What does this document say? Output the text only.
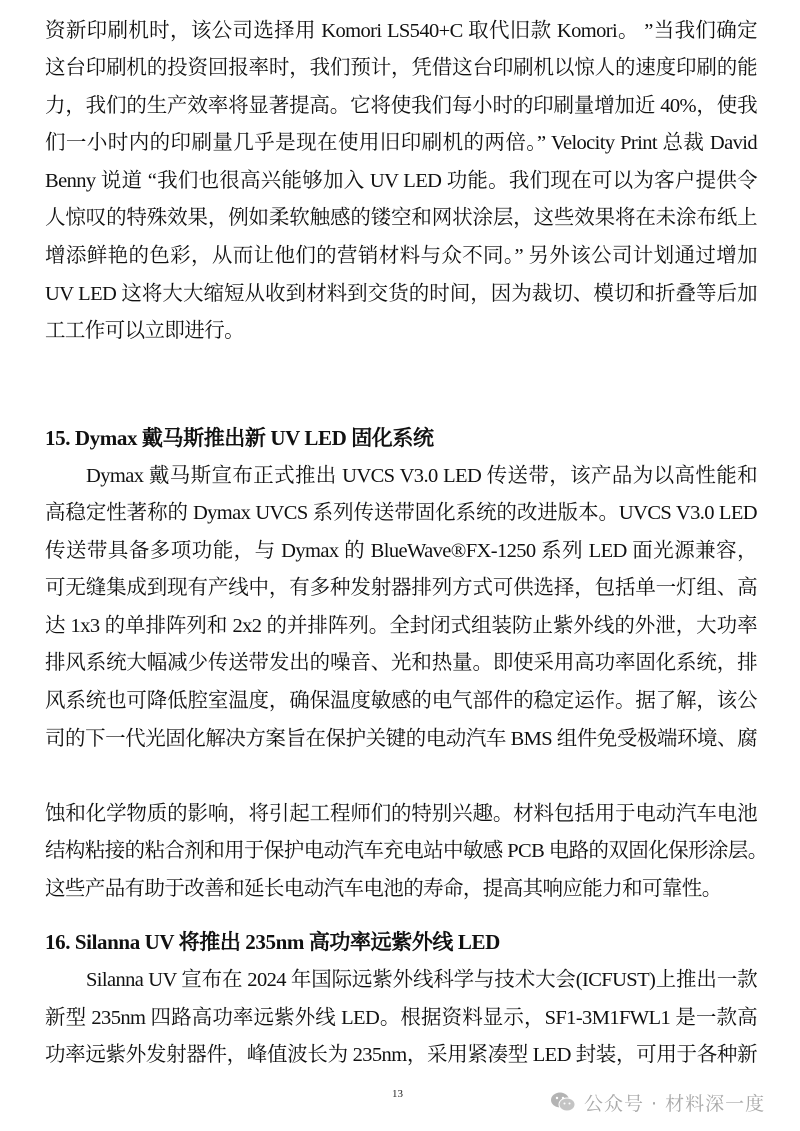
资新印刷机时，该公司选择用 Komori LS540+C 取代旧款 Komori。 ”当我们确定
这台印刷机的投资回报率时，我们预计，凭借这台印刷机以惊人的速度印刷的能
力，我们的生产效率将显著提高。它将使我们每小时的印刷量增加近 40%，使我
们一小时内的印刷量几乎是现在使用旧印刷机的两倍。” Velocity Print 总裁 David
Benny 说道 “我们也很高兴能够加入 UV LED 功能。我们现在可以为客户提供令
人惊叹的特殊效果，例如柔软触感的镂空和网状涂层，这些效果将在未涂布纸上
增添鲜艳的色彩，从而让他们的营销材料与众不同。” 另外该公司计划通过增加
UV LED 这将大大缩短从收到材料到交货的时间，因为裁切、模切和折叠等后加
工工作可以立即进行。
15. Dymax 戴马斯推出新 UV LED 固化系统
Dymax 戴马斯宣布正式推出 UVCS V3.0 LED 传送带，该产品为以高性能和
高稳定性著称的 Dymax UVCS 系列传送带固化系统的改进版本。UVCS V3.0 LED
传送带具备多项功能，与 Dymax 的 BlueWave®FX-1250 系列 LED 面光源兼容，
可无缝集成到现有产线中，有多种发射器排列方式可供选择，包括单一灯组、高
达 1x3 的单排阵列和 2x2 的并排阵列。全封闭式组装防止紫外线的外泄，大功率
排风系统大幅减少传送带发出的噪音、光和热量。即使采用高功率固化系统，排
风系统也可降低腔室温度，确保温度敏感的电气部件的稳定运作。据了解，该公
司的下一代光固化解决方案旨在保护关键的电动汽车 BMS 组件免受极端环境、腐
蚀和化学物质的影响，将引起工程师们的特别兴趣。材料包括用于电动汽车电池
结构粘接的粘合剂和用于保护电动汽车充电站中敏感 PCB 电路的双固化保形涂层。
这些产品有助于改善和延长电动汽车电池的寿命，提高其响应能力和可靠性。
16. Silanna UV 将推出 235nm 高功率远紫外线 LED
Silanna UV 宣布在 2024 年国际远紫外线科学与技术大会(ICFUST)上推出一款
新型 235nm 四路高功率远紫外线 LED。根据资料显示，SF1-3M1FWL1 是一款高
功率远紫外发射器件，峰值波长为 235nm，采用紧凑型 LED 封装，可用于各种新
13	公众号 · 材料深一度
